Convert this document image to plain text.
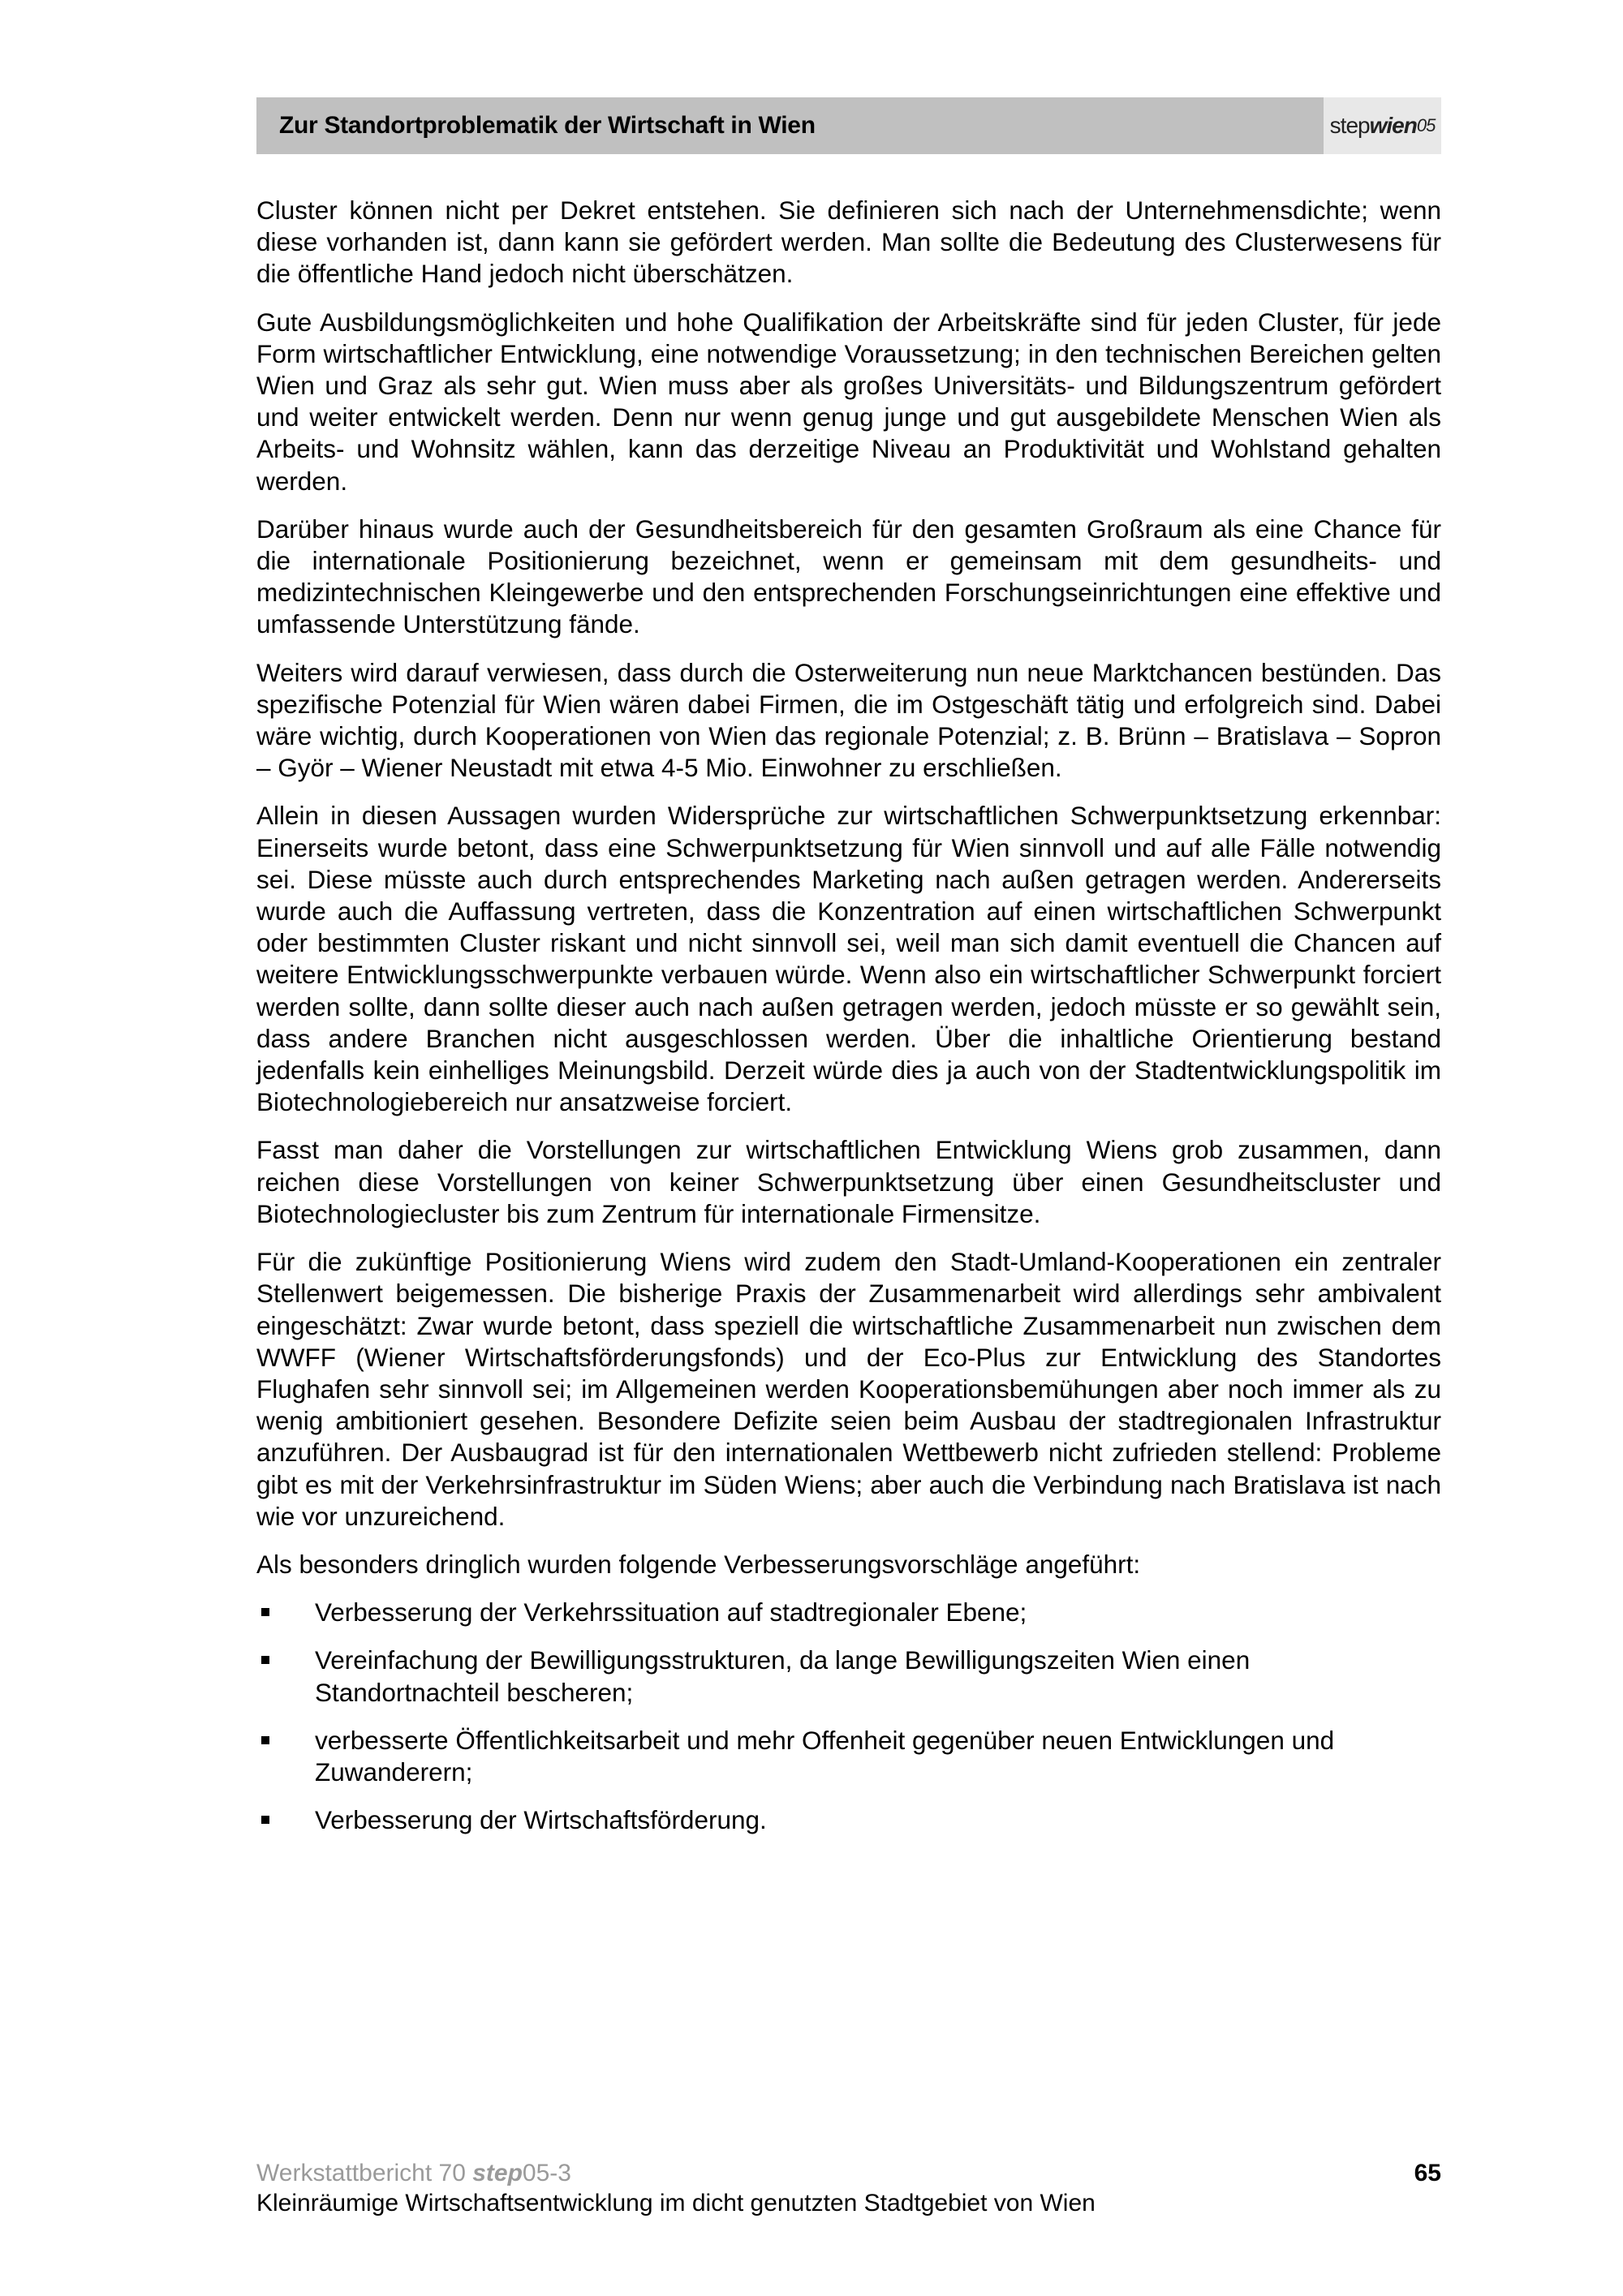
Zur Standortproblematik der Wirtschaft in Wien	step wien 05

Cluster können nicht per Dekret entstehen. Sie definieren sich nach der Unternehmensdichte; wenn diese vorhanden ist, dann kann sie gefördert werden. Man sollte die Bedeutung des Clusterwesens für die öffentliche Hand jedoch nicht überschätzen.

Gute Ausbildungsmöglichkeiten und hohe Qualifikation der Arbeitskräfte sind für jeden Cluster, für jede Form wirtschaftlicher Entwicklung, eine notwendige Voraussetzung; in den technischen Bereichen gelten Wien und Graz als sehr gut. Wien muss aber als großes Universitäts- und Bildungszentrum gefördert und weiter entwickelt werden. Denn nur wenn genug junge und gut ausgebildete Menschen Wien als Arbeits- und Wohnsitz wählen, kann das derzeitige Niveau an Produktivität und Wohlstand gehalten werden.

Darüber hinaus wurde auch der Gesundheitsbereich für den gesamten Großraum als eine Chance für die internationale Positionierung bezeichnet, wenn er gemeinsam mit dem gesundheits- und medizintechnischen Kleingewerbe und den entsprechenden Forschungseinrichtungen eine effektive und umfassende Unterstützung fände.

Weiters wird darauf verwiesen, dass durch die Osterweiterung nun neue Marktchancen bestünden. Das spezifische Potenzial für Wien wären dabei Firmen, die im Ostgeschäft tätig und erfolgreich sind. Dabei wäre wichtig, durch Kooperationen von Wien das regionale Potenzial; z. B. Brünn – Bratislava – Sopron – Györ – Wiener Neustadt mit etwa 4-5 Mio. Einwohner zu erschließen.

Allein in diesen Aussagen wurden Widersprüche zur wirtschaftlichen Schwerpunktsetzung erkennbar: Einerseits wurde betont, dass eine Schwerpunktsetzung für Wien sinnvoll und auf alle Fälle notwendig sei. Diese müsste auch durch entsprechendes Marketing nach außen getragen werden. Andererseits wurde auch die Auffassung vertreten, dass die Konzentration auf einen wirtschaftlichen Schwerpunkt oder bestimmten Cluster riskant und nicht sinnvoll sei, weil man sich damit eventuell die Chancen auf weitere Entwicklungsschwerpunkte verbauen würde. Wenn also ein wirtschaftlicher Schwerpunkt forciert werden sollte, dann sollte dieser auch nach außen getragen werden, jedoch müsste er so gewählt sein, dass andere Branchen nicht ausgeschlossen werden. Über die inhaltliche Orientierung bestand jedenfalls kein einhelliges Meinungsbild. Derzeit würde dies ja auch von der Stadtentwicklungspolitik im Biotechnologiebereich nur ansatzweise forciert.

Fasst man daher die Vorstellungen zur wirtschaftlichen Entwicklung Wiens grob zusammen, dann reichen diese Vorstellungen von keiner Schwerpunktsetzung über einen Gesundheitscluster und Biotechnologiecluster bis zum Zentrum für internationale Firmensitze.

Für die zukünftige Positionierung Wiens wird zudem den Stadt-Umland-Kooperationen ein zentraler Stellenwert beigemessen. Die bisherige Praxis der Zusammenarbeit wird allerdings sehr ambivalent eingeschätzt: Zwar wurde betont, dass speziell die wirtschaftliche Zusammenarbeit nun zwischen dem WWFF (Wiener Wirtschaftsförderungsfonds) und der Eco-Plus zur Entwicklung des Standortes Flughafen sehr sinnvoll sei; im Allgemeinen werden Kooperationsbemühungen aber noch immer als zu wenig ambitioniert gesehen. Besondere Defizite seien beim Ausbau der stadtregionalen Infrastruktur anzuführen. Der Ausbaugrad ist für den internationalen Wettbewerb nicht zufrieden stellend: Probleme gibt es mit der Verkehrsinfrastruktur im Süden Wiens; aber auch die Verbindung nach Bratislava ist nach wie vor unzureichend.

Als besonders dringlich wurden folgende Verbesserungsvorschläge angeführt:

Verbesserung der Verkehrssituation auf stadtregionaler Ebene;
Vereinfachung der Bewilligungsstrukturen, da lange Bewilligungszeiten Wien einen Standortnachteil bescheren;
verbesserte Öffentlichkeitsarbeit und mehr Offenheit gegenüber neuen Entwicklungen und Zuwanderern;
Verbesserung der Wirtschaftsförderung.
Werkstattbericht 70 step05-3	65
Kleinräumige Wirtschaftsentwicklung im dicht genutzten Stadtgebiet von Wien
